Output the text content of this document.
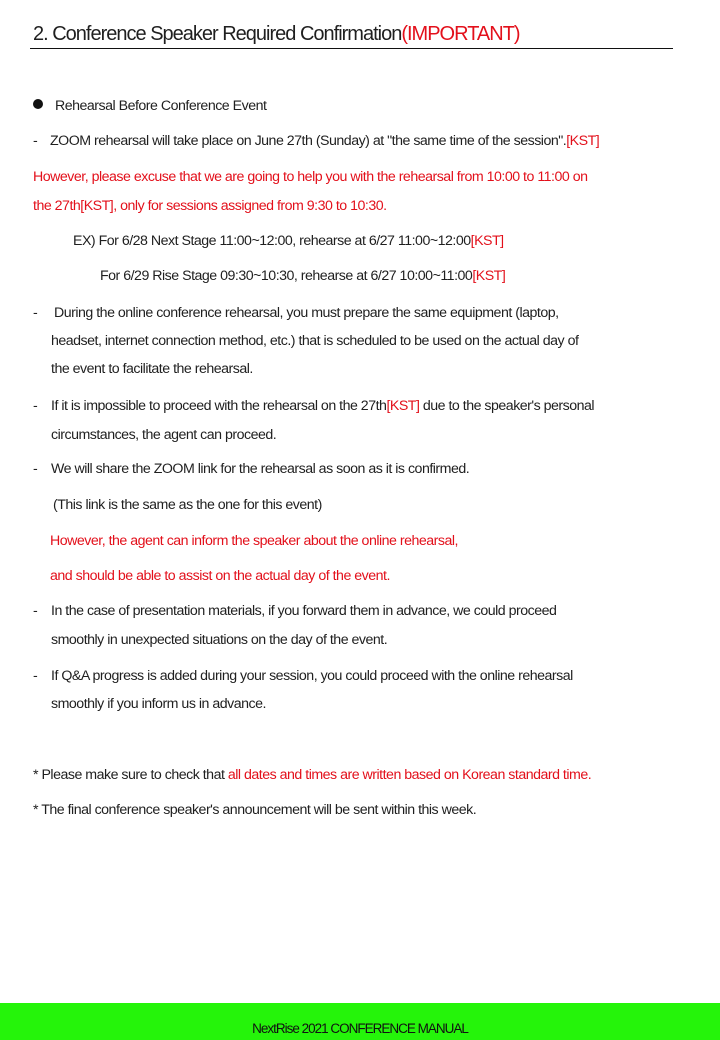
2. Conference Speaker Required Confirmation(IMPORTANT)
Rehearsal Before Conference Event
- ZOOM rehearsal will take place on June 27th (Sunday) at "the same time of the session".[KST]
However, please excuse that we are going to help you with the rehearsal from 10:00 to 11:00 on
the 27th[KST], only for sessions assigned from 9:30 to 10:30.
EX) For 6/28 Next Stage 11:00~12:00, rehearse at 6/27 11:00~12:00[KST]
For 6/29 Rise Stage 09:30~10:30, rehearse at 6/27 10:00~11:00[KST]
- During the online conference rehearsal, you must prepare the same equipment (laptop,
headset, internet connection method, etc.) that is scheduled to be used on the actual day of
the event to facilitate the rehearsal.
- If it is impossible to proceed with the rehearsal on the 27th[KST] due to the speaker's personal
circumstances, the agent can proceed.
- We will share the ZOOM link for the rehearsal as soon as it is confirmed.
(This link is the same as the one for this event)
However, the agent can inform the speaker about the online rehearsal,
and should be able to assist on the actual day of the event.
- In the case of presentation materials, if you forward them in advance, we could proceed
smoothly in unexpected situations on the day of the event.
- If Q&A progress is added during your session, you could proceed with the online rehearsal
smoothly if you inform us in advance.
* Please make sure to check that all dates and times are written based on Korean standard time.
* The final conference speaker's announcement will be sent within this week.
NextRise 2021 CONFERENCE MANUAL
